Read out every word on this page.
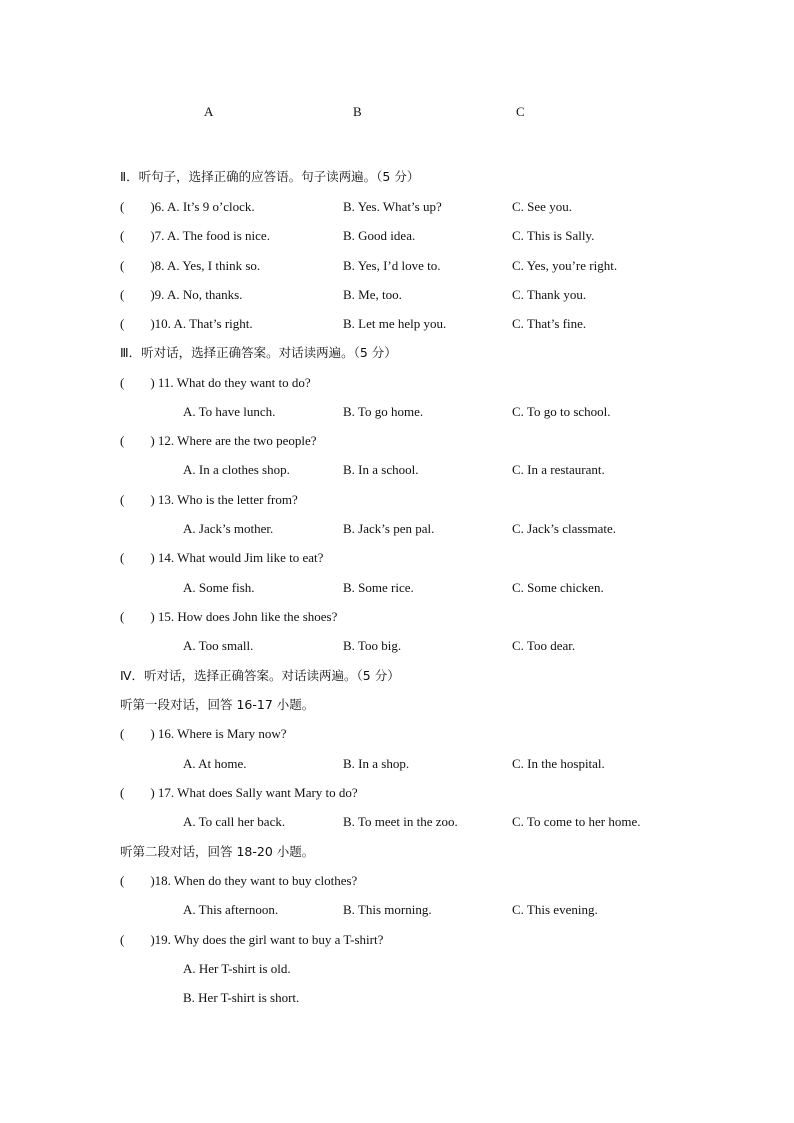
A	B	C
Ⅱ．听句子，选择正确的应答语。句子读两遍。（5 分）
(　　)6. A. It’s 9 o’clock.	B. Yes. What’s up?	C. See you.
(　　)7. A. The food is nice.	B. Good idea.	C. This is Sally.
(　　)8. A. Yes, I think so.	B. Yes, I’d love to.	C. Yes, you’re right.
(　　)9. A. No, thanks.	B. Me, too.	C. Thank you.
(　　)10. A. That’s right.	B. Let me help you.	C. That’s fine.
Ⅲ．听对话，选择正确答案。对话读两遍。（5 分）
(　　) 11. What do they want to do?
A. To have lunch.	B. To go home.	C. To go to school.
(　　) 12. Where are the two people?
A. In a clothes shop.	B. In a school.	C. In a restaurant.
(　　) 13. Who is the letter from?
A. Jack’s mother.	B. Jack’s pen pal.	C. Jack’s classmate.
(　　) 14. What would Jim like to eat?
A. Some fish.	B. Some rice.	C. Some chicken.
(　　) 15. How does John like the shoes?
A. Too small.	B. Too big.	C. Too dear.
Ⅳ．听对话，选择正确答案。对话读两遍。（5 分）
听第一段对话，回答 16-17 小题。
(　　) 16. Where is Mary now?
A. At home.	B. In a shop.	C. In the hospital.
(　　) 17. What does Sally want Mary to do?
A. To call her back.	B. To meet in the zoo.	C. To come to her home.
听第二段对话，回答 18-20 小题。
(　　)18. When do they want to buy clothes?
A. This afternoon.	B. This morning.	C. This evening.
(　　)19. Why does the girl want to buy a T-shirt?
A. Her T-shirt is old.
B. Her T-shirt is short.
